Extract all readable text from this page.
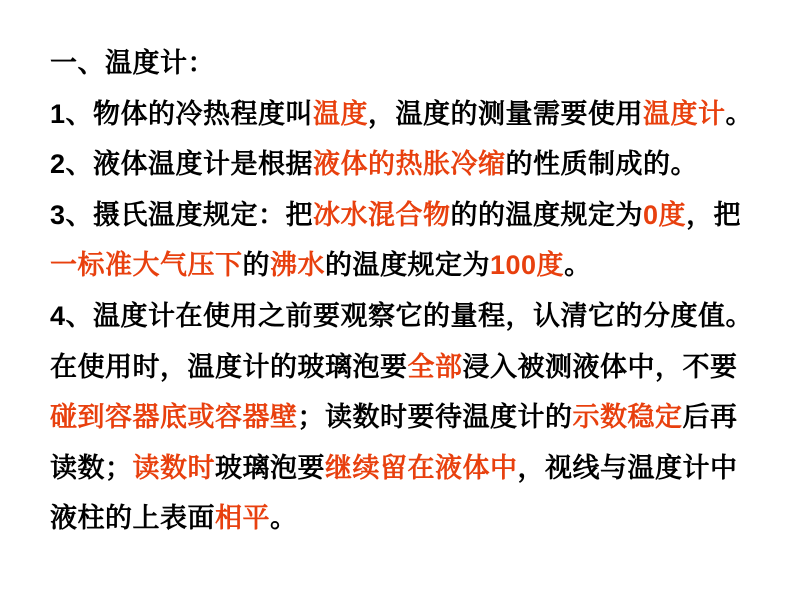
一、温度计：
1、物体的冷热程度叫温度，温度的测量需要使用温度计。
2、液体温度计是根据液体的热胀冷缩的性质制成的。
3、摄氏温度规定：把冰水混合物的的温度规定为0度，把
一标准大气压下的沸水的温度规定为100度。
4、温度计在使用之前要观察它的量程，认清它的分度值。
在使用时，温度计的玻璃泡要全部浸入被测液体中，不要
碰到容器底或容器壁；读数时要待温度计的示数稳定后再
读数；读数时玻璃泡要继续留在液体中，视线与温度计中
液柱的上表面相平。
